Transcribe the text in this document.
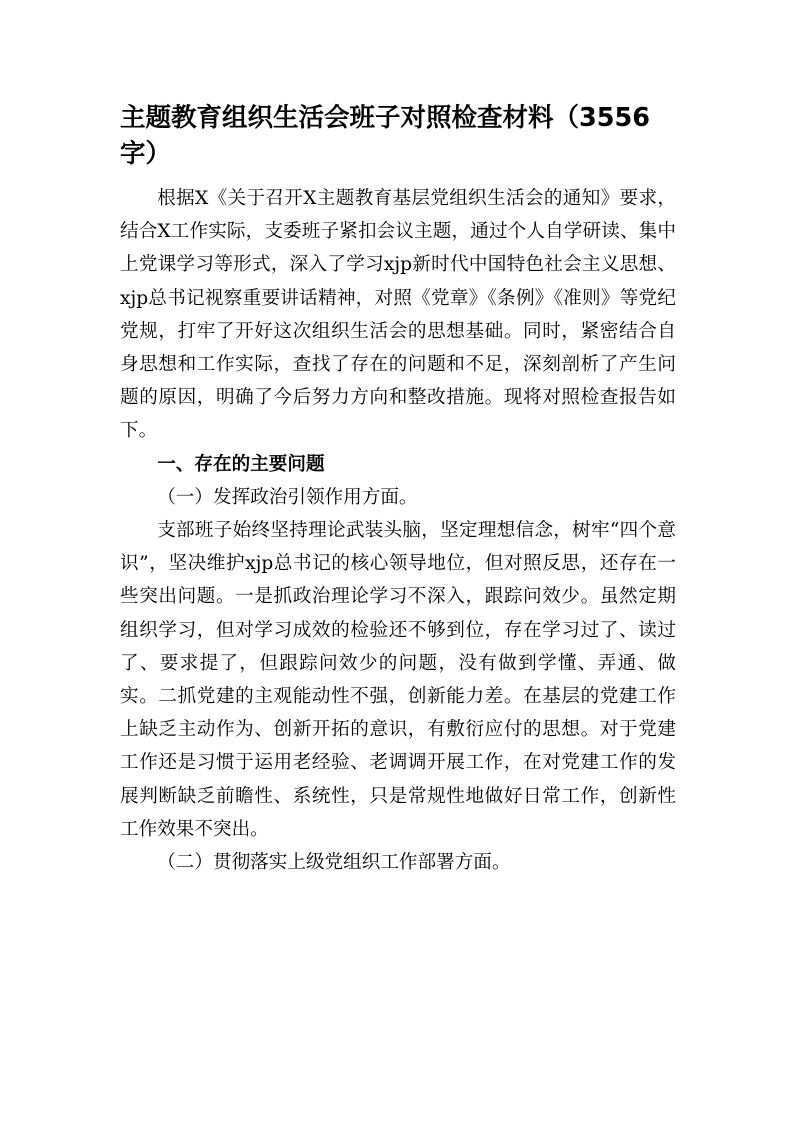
主题教育组织生活会班子对照检查材料（3556字）

根据X《关于召开X主题教育基层党组织生活会的通知》要求，结合X工作实际，支委班子紧扣会议主题，通过个人自学研读、集中上党课学习等形式，深入了学习xjp新时代中国特色社会主义思想、xjp总书记视察重要讲话精神，对照《党章》《条例》《准则》等党纪党规，打牢了开好这次组织生活会的思想基础。同时，紧密结合自身思想和工作实际，查找了存在的问题和不足，深刻剖析了产生问题的原因，明确了今后努力方向和整改措施。现将对照检查报告如下。

一、存在的主要问题

（一）发挥政治引领作用方面。

支部班子始终坚持理论武装头脑，坚定理想信念，树牢“四个意识”，坚决维护xjp总书记的核心领导地位，但对照反思，还存在一些突出问题。一是抓政治理论学习不深入，跟踪问效少。虽然定期组织学习，但对学习成效的检验还不够到位，存在学习过了、读过了、要求提了，但跟踪问效少的问题，没有做到学懂、弄通、做实。二抓党建的主观能动性不强，创新能力差。在基层的党建工作上缺乏主动作为、创新开拓的意识，有敷衍应付的思想。对于党建工作还是习惯于运用老经验、老调调开展工作，在对党建工作的发展判断缺乏前瞻性、系统性，只是常规性地做好日常工作，创新性工作效果不突出。

（二）贯彻落实上级党组织工作部署方面。
